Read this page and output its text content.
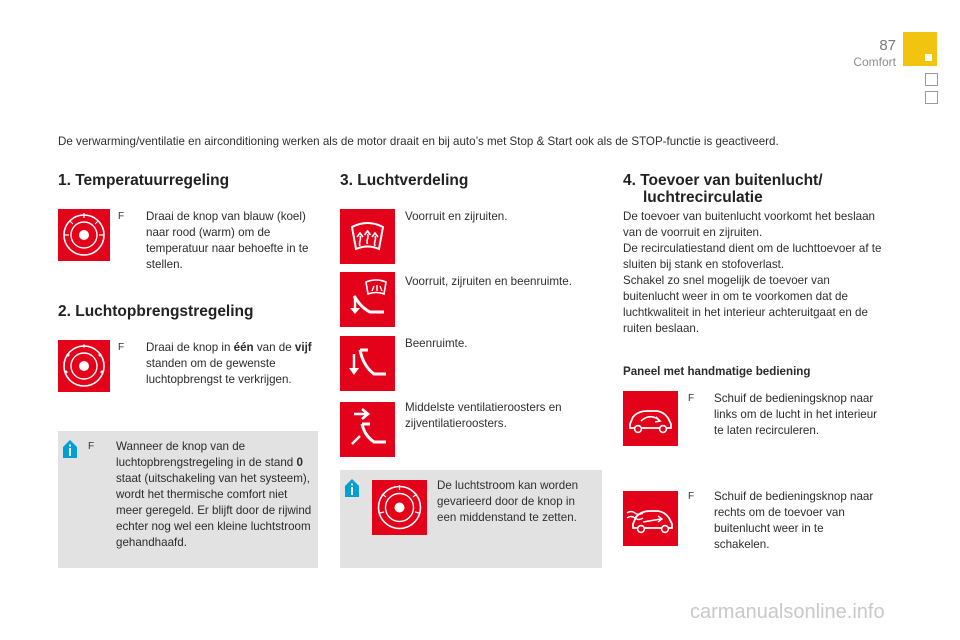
87
Comfort
De verwarming/ventilatie en airconditioning werken als de motor draait en bij auto’s met Stop & Start ook als de STOP-functie is geactiveerd.
1. Temperatuurregeling
F Draai de knop van blauw (koel) naar rood (warm) om de temperatuur naar behoefte in te stellen.
2. Luchtopbrengstregeling
F Draai de knop in één van de vijf standen om de gewenste luchtopbrengst te verkrijgen.
F Wanneer de knop van de luchtopbrengstregeling in de stand 0 staat (uitschakeling van het systeem), wordt het thermische comfort niet meer geregeld. Er blijft door de rijwind echter nog wel een kleine luchtstroom gehandhaafd.
3. Luchtverdeling
Voorruit en zijruiten.
Voorruit, zijruiten en beenruimte.
Beenruimte.
Middelste ventilatieroosters en zijventilatieroosters.
De luchtstroom kan worden gevarieerd door de knop in een middenstand te zetten.
4. Toevoer van buitenlucht/
luchtrecirculatie
De toevoer van buitenlucht voorkomt het beslaan van de voorruit en zijruiten.
De recirculatiestand dient om de luchttoevoer af te sluiten bij stank en stofoverlast.
Schakel zo snel mogelijk de toevoer van buitenlucht weer in om te voorkomen dat de luchtkwaliteit in het interieur achteruitgaat en de ruiten beslaan.
Paneel met handmatige bediening
F Schuif de bedieningsknop naar links om de lucht in het interieur te laten recirculeren.
F Schuif de bedieningsknop naar rechts om de toevoer van buitenlucht weer in te schakelen.
carmanualsonline.info
